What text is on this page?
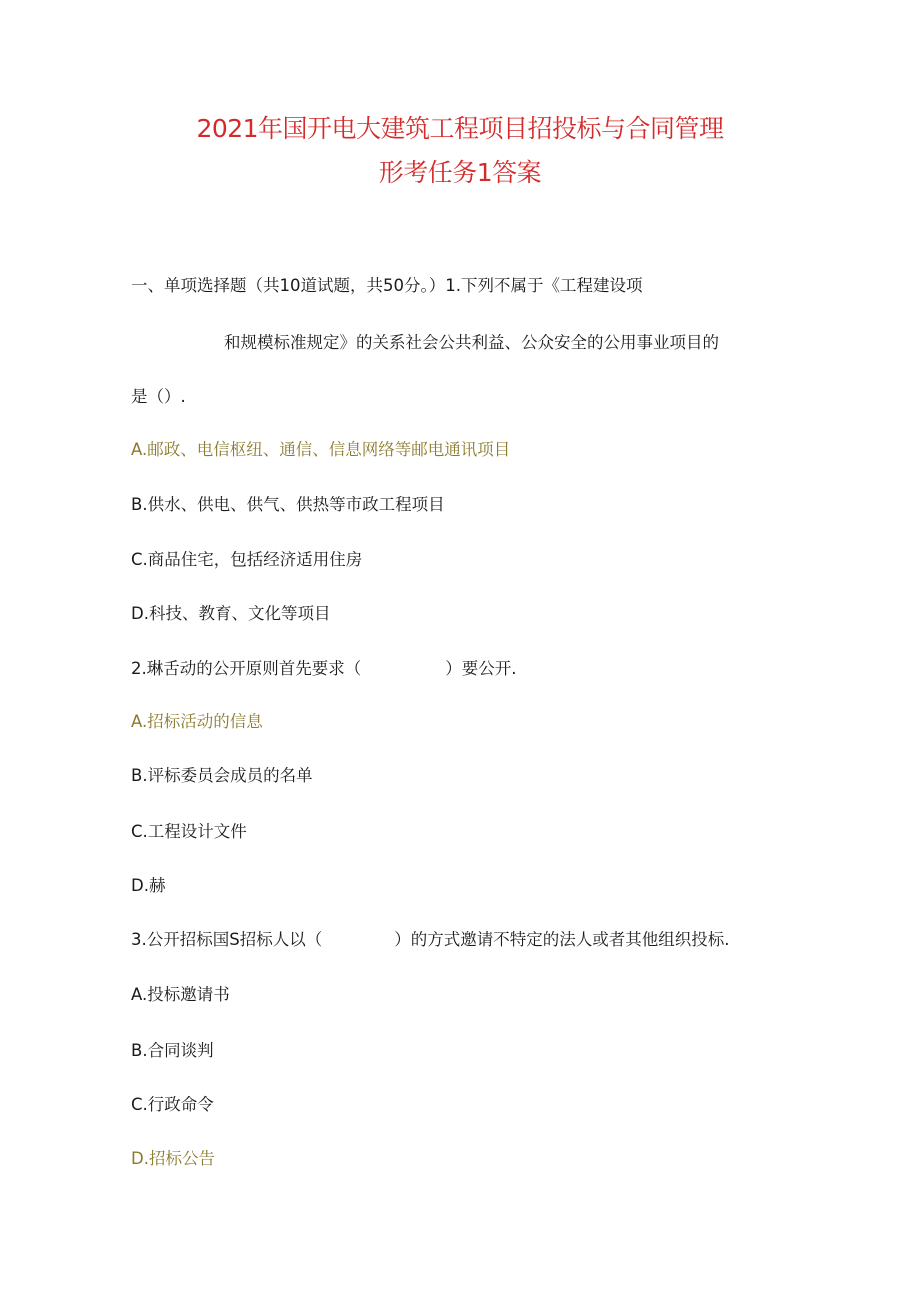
2021年国开电大建筑工程项目招投标与合同管理
形考任务1答案
一、单项选择题（共10道试题，共50分。）1.下列不属于《工程建设项
和规模标准规定》的关系社会公共利益、公众安全的公用事业项目的
是（）.
A.邮政、电信枢纽、通信、信息网络等邮电通讯项目
B.供水、供电、供气、供热等市政工程项目
C.商品住宅，包括经济适用住房
D.科技、教育、文化等项目
2.琳舌动的公开原则首先要求（	）要公开.
A.招标活动的信息
B.评标委员会成员的名单
C.工程设计文件
D.赫
3.公开招标国S招标人以（	）的方式邀请不特定的法人或者其他组织投标.
A.投标邀请书
B.合同谈判
C.行政命令
D.招标公告
